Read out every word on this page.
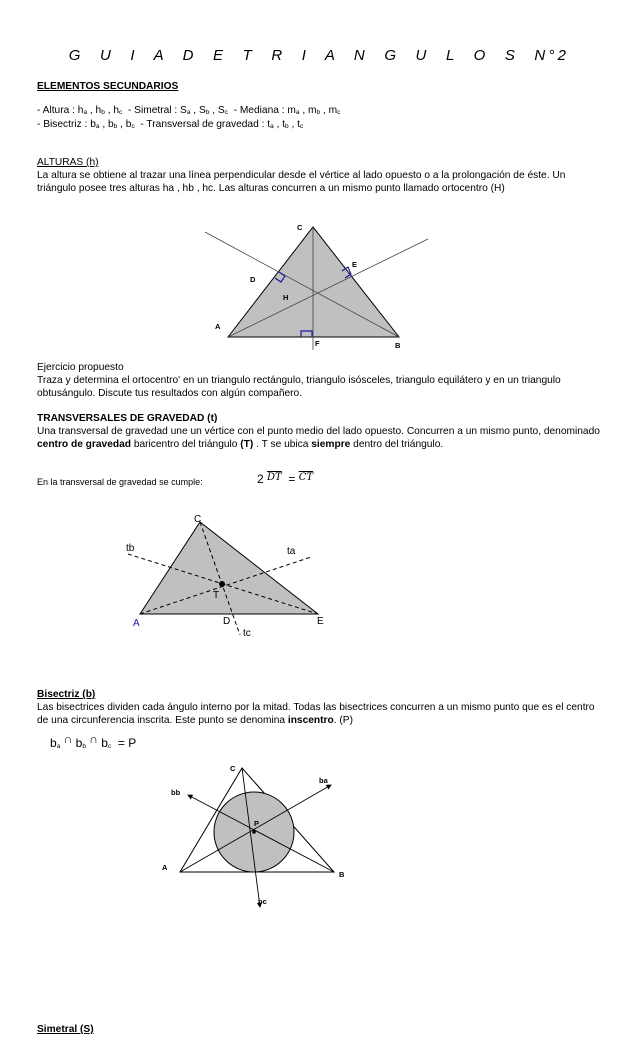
G U I A D E T R I A N G U L O S N°2
ELEMENTOS SECUNDARIOS
- Altura : $h_a$ , $h_b$ , $h_c$ - Simetral : $S_a$ , $S_b$ , $S_c$ - Mediana : $m_a$ , $m_b$ , $m_c$
- Bisectriz : $b_a$ , $b_b$ , $b_c$ - Transversal de gravedad : $t_a$ , $t_b$ , $t_c$
ALTURAS (h)
La altura se obtiene al trazar una línea perpendicular desde el vértice al lado opuesto o a la prolongación de éste. Un triángulo posee tres alturas ha , hb , hc. Las alturas concurren a un mismo punto llamado ortocentro (H)
C
D
E
H
A
F	B
Ejercicio propuesto
Traza y determina el ortocentro' en un triangulo rectángulo, triangulo isósceles, triangulo equilátero y en un triangulo obtusángulo. Discute tus resultados con algún compañero.
TRANSVERSALES DE GRAVEDAD (t)
Una transversal de gravedad une un vértice con el punto medio del lado opuesto. Concurren a un mismo punto, denominado centro de gravedad baricentro del triángulo (T) . T se ubica siempre dentro del triángulo.
En la transversal de gravedad se cumple:	2 $^{\overline{DT}}$ = $^{\overline{CT}}$
C
tb	ta
T
A	D	E
tc
Bisectriz (b)
Las bisectrices dividen cada ángulo interno por la mitad. Todas las bisectrices concurren a un mismo punto que es el centro de una circunferencia inscrita. Este punto se denomina inscentro. (P)
$b_a$ ∩ $b_b$ ∩ $b_c = P$
C
bb
ba
P
A
B
bc
Simetral (S)
